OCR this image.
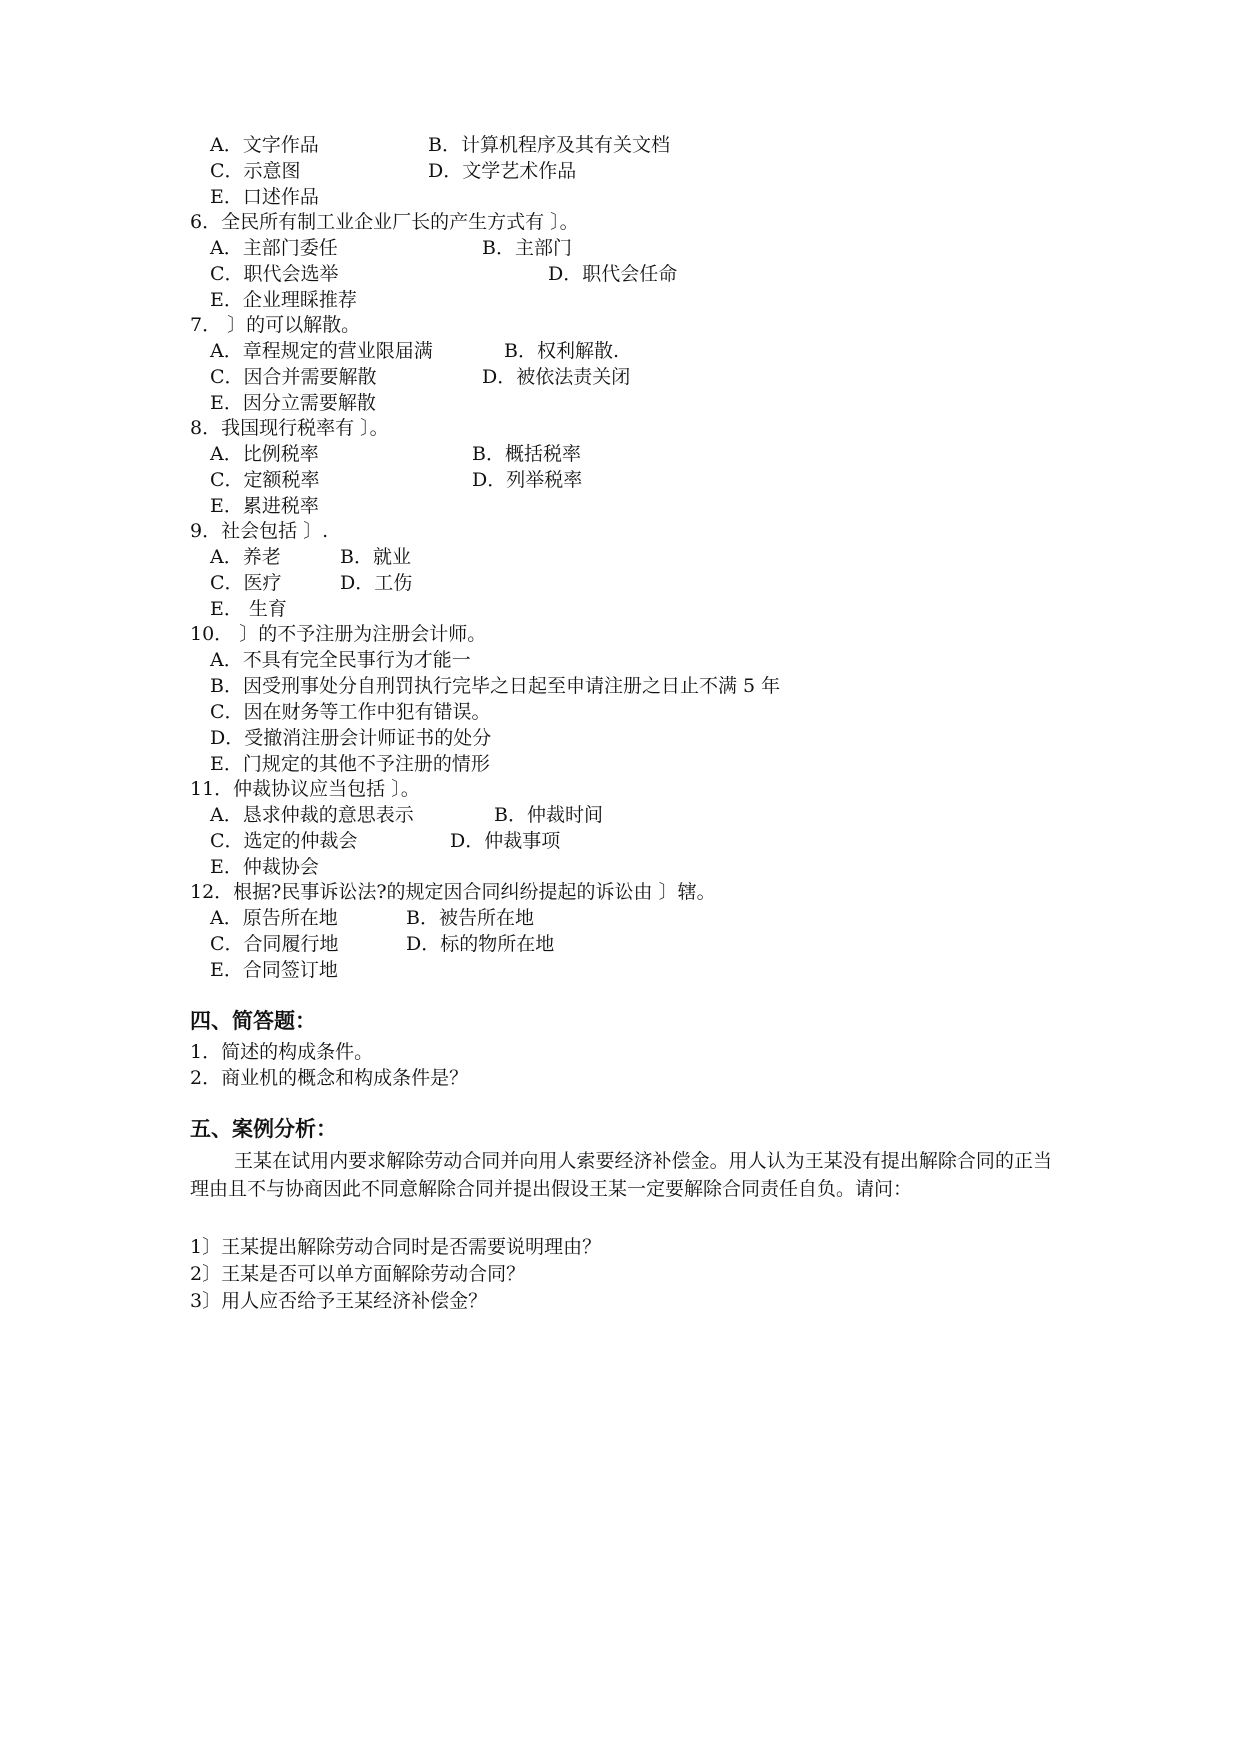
A．文字作品	B．计算机程序及其有关文档
C．示意图	D．文学艺术作品
E．口述作品
6．全民所有制工业企业厂长的产生方式有 〕。
A．主部门委任	B．主部门
C．职代会选举	D．职代会任命
E．企业理睬推荐
7． 〕的可以解散。
A．章程规定的营业限届满	B．权利解散.
C．因合并需要解散	D．被依法责关闭
E．因分立需要解散
8．我国现行税率有 〕。
A．比例税率	B．概括税率
C．定额税率	D．列举税率
E．累进税率
9．社会包括 〕.
A．养老	B．就业
C．医疗	D．工伤
E． 生育
10． 〕的不予注册为注册会计师。
A．不具有完全民事行为才能一
B．因受刑事处分自刑罚执行完毕之日起至申请注册之日止不满 5 年
C．因在财务等工作中犯有错误。
D．受撤消注册会计师证书的处分
E．门规定的其他不予注册的情形
11．仲裁协议应当包括 〕。
A．恳求仲裁的意思表示	B．仲裁时间
C．选定的仲裁会	D．仲裁事项
E．仲裁协会
12．根据?民事诉讼法?的规定因合同纠纷提起的诉讼由 〕辖。
A．原告所在地	B．被告所在地
C．合同履行地	D．标的物所在地
E．合同签订地
四、简答题：
1．简述的构成条件。
2．商业机的概念和构成条件是？
五、案例分析：
王某在试用内要求解除劳动合同并向用人索要经济补偿金。用人认为王某没有提出解除合同的正当理由且不与协商因此不同意解除合同并提出假设王某一定要解除合同责任自负。请问：
1〕王某提出解除劳动合同时是否需要说明理由？
2〕王某是否可以单方面解除劳动合同？
3〕用人应否给予王某经济补偿金？
